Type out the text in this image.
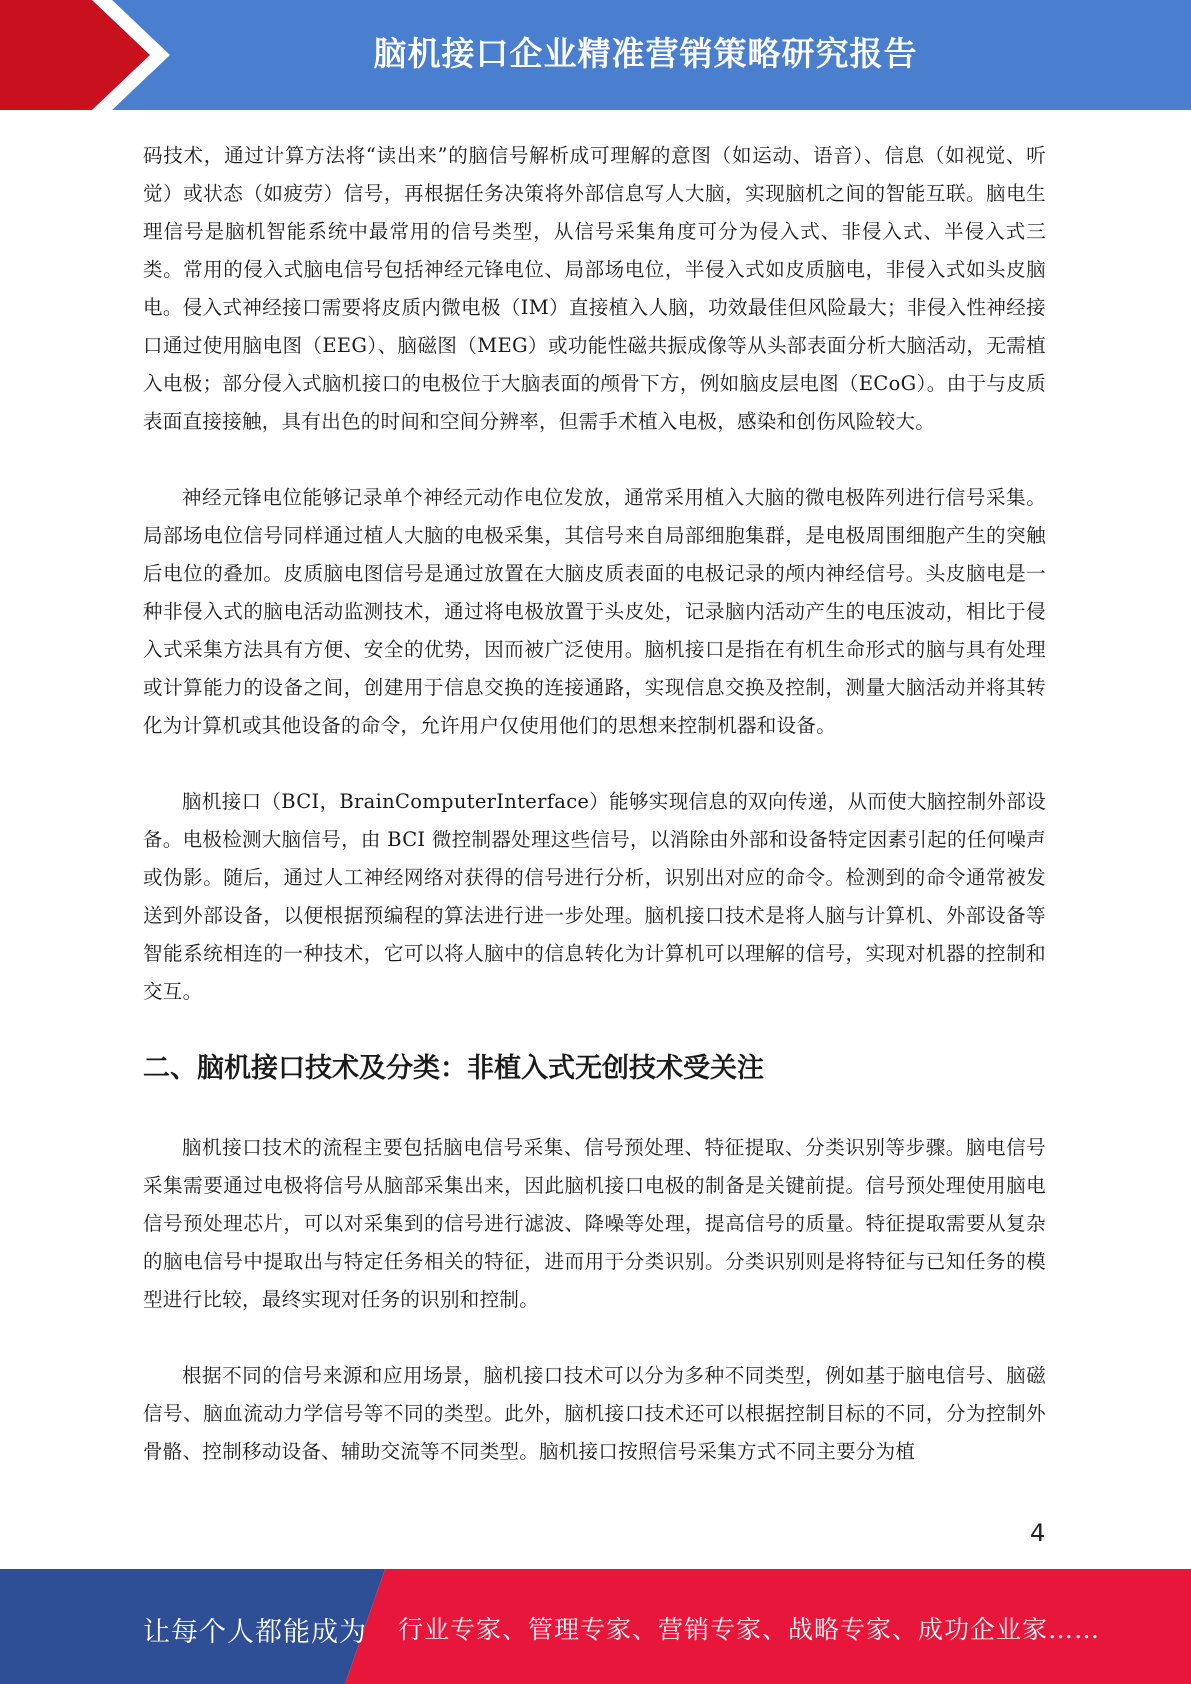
脑机接口企业精准营销策略研究报告

码技术，通过计算方法将“读出来”的脑信号解析成可理解的意图（如运动、语音）、信息（如视觉、听觉）或状态（如疲劳）信号，再根据任务决策将外部信息写人大脑，实现脑机之间的智能互联。脑电生理信号是脑机智能系统中最常用的信号类型，从信号采集角度可分为侵入式、非侵入式、半侵入式三类。常用的侵入式脑电信号包括神经元锋电位、局部场电位，半侵入式如皮质脑电，非侵入式如头皮脑电。侵入式神经接口需要将皮质内微电极（IM）直接植入人脑，功效最佳但风险最大；非侵入性神经接口通过使用脑电图（EEG）、脑磁图（MEG）或功能性磁共振成像等从头部表面分析大脑活动，无需植入电极；部分侵入式脑机接口的电极位于大脑表面的颅骨下方，例如脑皮层电图（ECoG）。由于与皮质表面直接接触，具有出色的时间和空间分辨率，但需手术植入电极，感染和创伤风险较大。

神经元锋电位能够记录单个神经元动作电位发放，通常采用植入大脑的微电极阵列进行信号采集。局部场电位信号同样通过植人大脑的电极采集，其信号来自局部细胞集群，是电极周围细胞产生的突触后电位的叠加。皮质脑电图信号是通过放置在大脑皮质表面的电极记录的颅内神经信号。头皮脑电是一种非侵入式的脑电活动监测技术，通过将电极放置于头皮处，记录脑内活动产生的电压波动，相比于侵入式采集方法具有方便、安全的优势，因而被广泛使用。脑机接口是指在有机生命形式的脑与具有处理或计算能力的设备之间，创建用于信息交换的连接通路，实现信息交换及控制，测量大脑活动并将其转化为计算机或其他设备的命令，允许用户仅使用他们的思想来控制机器和设备。

脑机接口（BCI，BrainComputerInterface）能够实现信息的双向传递，从而使大脑控制外部设备。电极检测大脑信号，由 BCI 微控制器处理这些信号，以消除由外部和设备特定因素引起的任何噪声或伪影。随后，通过人工神经网络对获得的信号进行分析，识别出对应的命令。检测到的命令通常被发送到外部设备，以便根据预编程的算法进行进一步处理。脑机接口技术是将人脑与计算机、外部设备等智能系统相连的一种技术，它可以将人脑中的信息转化为计算机可以理解的信号，实现对机器的控制和交互。

二、脑机接口技术及分类：非植入式无创技术受关注

脑机接口技术的流程主要包括脑电信号采集、信号预处理、特征提取、分类识别等步骤。脑电信号采集需要通过电极将信号从脑部采集出来，因此脑机接口电极的制备是关键前提。信号预处理使用脑电信号预处理芯片，可以对采集到的信号进行滤波、降噪等处理，提高信号的质量。特征提取需要从复杂的脑电信号中提取出与特定任务相关的特征，进而用于分类识别。分类识别则是将特征与已知任务的模型进行比较，最终实现对任务的识别和控制。

根据不同的信号来源和应用场景，脑机接口技术可以分为多种不同类型，例如基于脑电信号、脑磁信号、脑血流动力学信号等不同的类型。此外，脑机接口技术还可以根据控制目标的不同，分为控制外骨骼、控制移动设备、辅助交流等不同类型。脑机接口按照信号采集方式不同主要分为植

4
让每个人都能成为 行业专家、管理专家、营销专家、战略专家、成功企业家……
